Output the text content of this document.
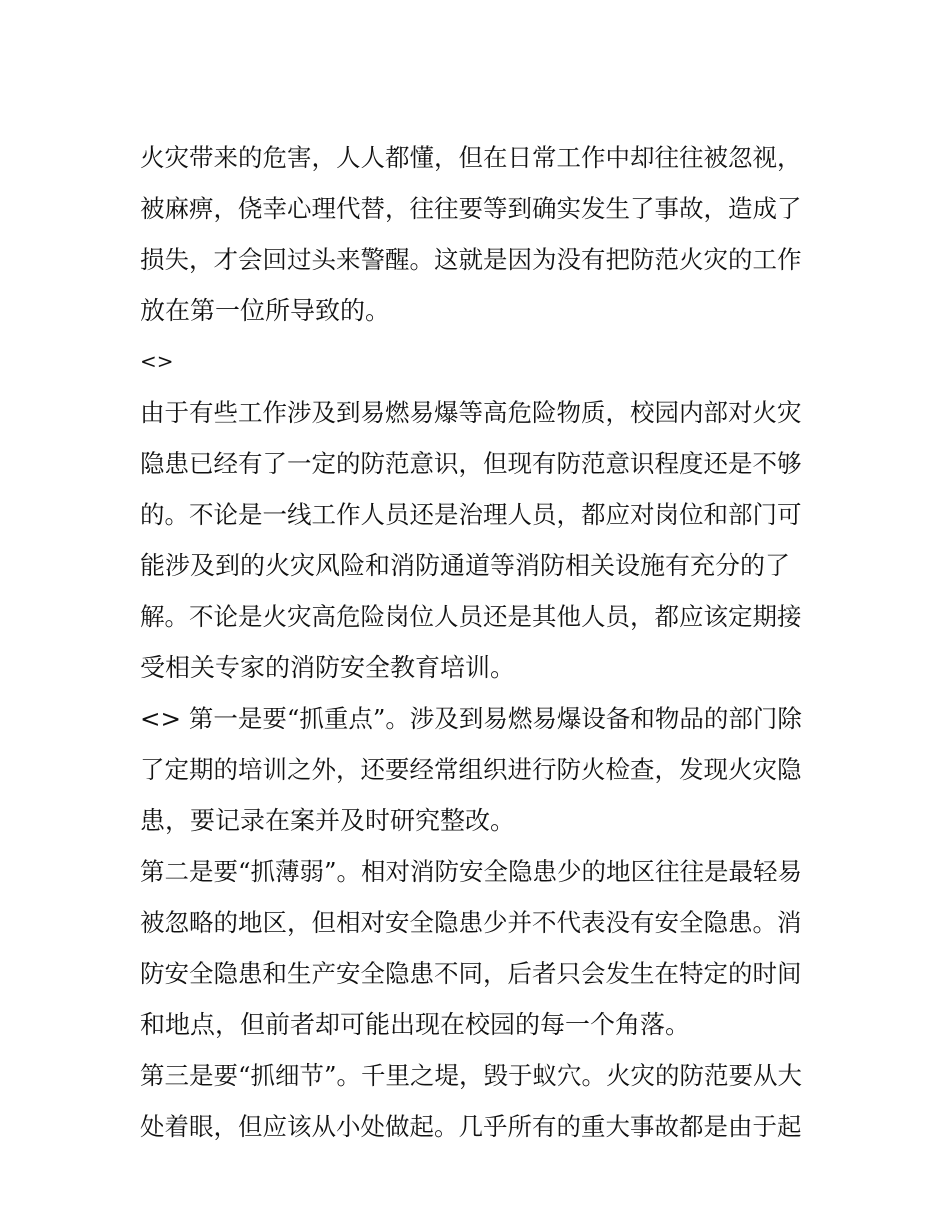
火灾带来的危害，人人都懂，但在日常工作中却往往被忽视，
被麻痹，侥幸心理代替，往往要等到确实发生了事故，造成了
损失，才会回过头来警醒。这就是因为没有把防范火灾的工作
放在第一位所导致的。
<>
由于有些工作涉及到易燃易爆等高危险物质，校园内部对火灾
隐患已经有了一定的防范意识，但现有防范意识程度还是不够
的。不论是一线工作人员还是治理人员，都应对岗位和部门可
能涉及到的火灾风险和消防通道等消防相关设施有充分的了
解。不论是火灾高危险岗位人员还是其他人员，都应该定期接
受相关专家的消防安全教育培训。
<> 第一是要“抓重点”。涉及到易燃易爆设备和物品的部门除
了定期的培训之外，还要经常组织进行防火检查，发现火灾隐
患，要记录在案并及时研究整改。
第二是要“抓薄弱”。相对消防安全隐患少的地区往往是最轻易
被忽略的地区，但相对安全隐患少并不代表没有安全隐患。消
防安全隐患和生产安全隐患不同，后者只会发生在特定的时间
和地点，但前者却可能出现在校园的每一个角落。
第三是要“抓细节”。千里之堤，毁于蚁穴。火灾的防范要从大
处着眼，但应该从小处做起。几乎所有的重大事故都是由于起
